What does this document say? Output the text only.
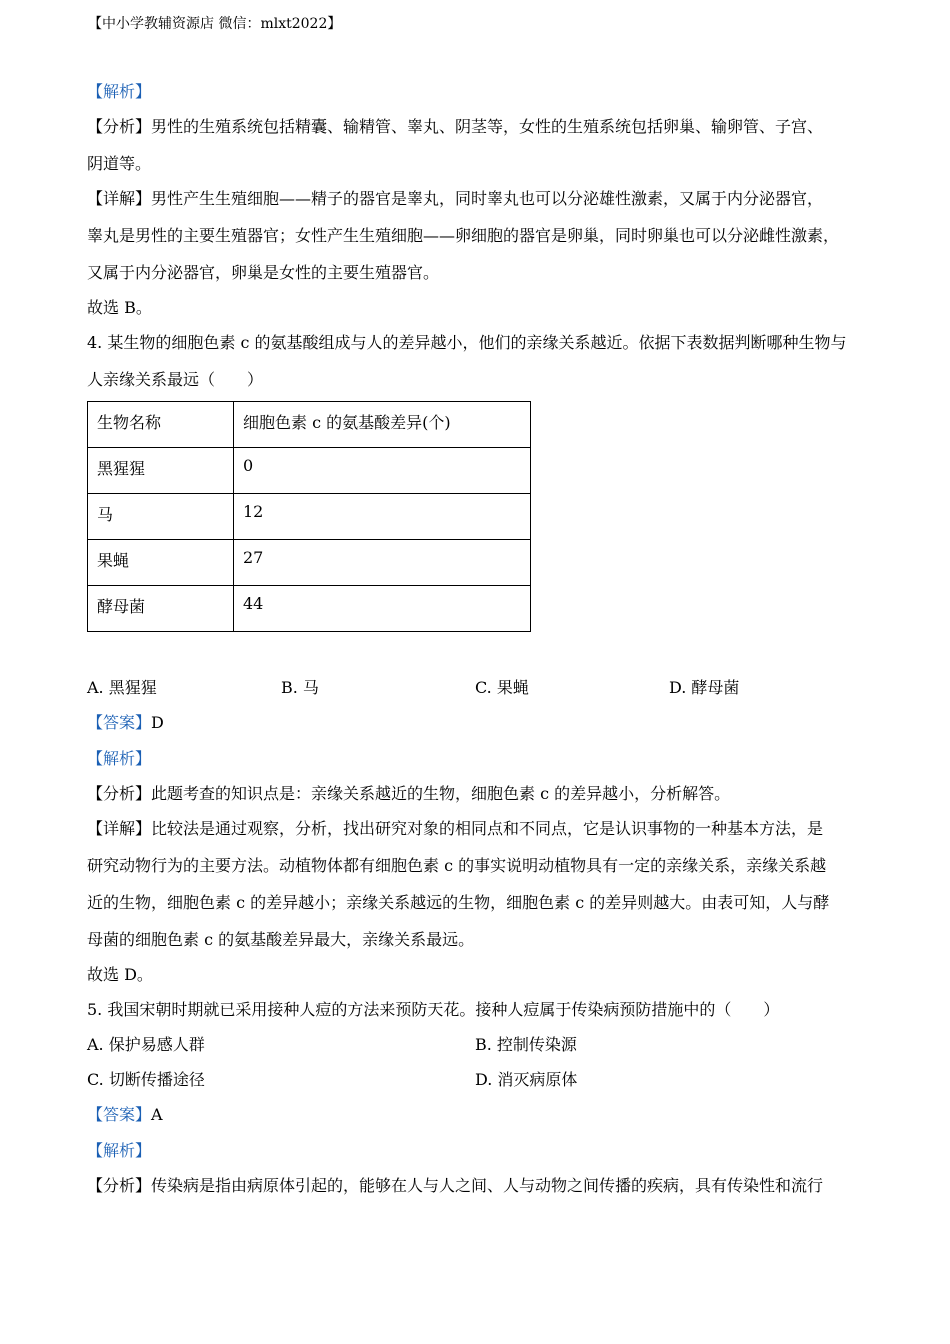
【中小学教辅资源店 微信：mlxt2022】
【解析】
【分析】男性的生殖系统包括精囊、输精管、睾丸、阴茎等，女性的生殖系统包括卵巢、输卵管、子宫、
阴道等。
【详解】男性产生生殖细胞——精子的器官是睾丸，同时睾丸也可以分泌雄性激素，又属于内分泌器官，
睾丸是男性的主要生殖器官；女性产生生殖细胞——卵细胞的器官是卵巢，同时卵巢也可以分泌雌性激素，
又属于内分泌器官，卵巢是女性的主要生殖器官。
故选 B。
4. 某生物的细胞色素 c 的氨基酸组成与人的差异越小，他们的亲缘关系越近。依据下表数据判断哪种生物与
人亲缘关系最远（　　）
生物名称	细胞色素 c 的氨基酸差异(个)
黑猩猩	0
马	12
果蝇	27
酵母菌	44
A. 黑猩猩	B. 马	C. 果蝇	D. 酵母菌
【答案】D
【解析】
【分析】此题考查的知识点是：亲缘关系越近的生物，细胞色素 c 的差异越小，分析解答。
【详解】比较法是通过观察，分析，找出研究对象的相同点和不同点，它是认识事物的一种基本方法，是
研究动物行为的主要方法。动植物体都有细胞色素 c 的事实说明动植物具有一定的亲缘关系，亲缘关系越
近的生物，细胞色素 c 的差异越小；亲缘关系越远的生物，细胞色素 c 的差异则越大。由表可知，人与酵
母菌的细胞色素 c 的氨基酸差异最大，亲缘关系最远。
故选 D。
5. 我国宋朝时期就已采用接种人痘的方法来预防天花。接种人痘属于传染病预防措施中的（　　）
A. 保护易感人群	B. 控制传染源
C. 切断传播途径	D. 消灭病原体
【答案】A
【解析】
【分析】传染病是指由病原体引起的，能够在人与人之间、人与动物之间传播的疾病，具有传染性和流行
